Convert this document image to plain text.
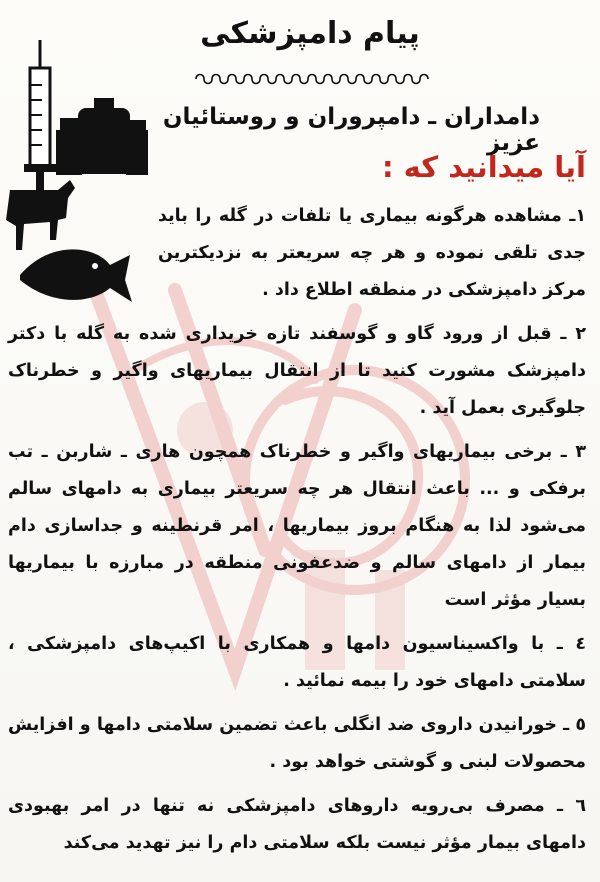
پیام دامپزشکی
دامداران ـ دامپروران و روستائیان عزیز
آیا میدانید که :

۱ـ مشاهده هرگونه بیماری یا تلفات در گله را باید جدی تلقی نموده و هر چه سریعتر به نزدیکترین مرکز دامپزشکی در منطقه اطلاع داد .

۲ ـ قبل از ورود گاو و گوسفند تازه خریداری شده به گله با دکتر دامپزشک مشورت کنید تا از انتقال بیماریهای واگیر و خطرناک جلوگیری بعمل آید .

۳ ـ برخی بیماریهای واگیر و خطرناک همچون هاری ـ شاربن ـ تب برفکی و ... باعث انتقال هر چه سریعتر بیماری به دامهای سالم می‌شود لذا به هنگام بروز بیماریها ، امر قرنطینه و جداسازی دام بیمار از دامهای سالم و ضدعفونی منطقه در مبارزه با بیماریها بسیار مؤثر است

٤ ـ با واکسیناسیون دامها و همکاری با اکیپ‌های دامپزشکی ، سلامتی دامهای خود را بیمه نمائید .

٥ ـ خورانیدن داروی ضد انگلی باعث تضمین سلامتی دامها و افزایش محصولات لبنی و گوشتی خواهد بود .

٦ ـ مصرف بی‌رویه داروهای دامپزشکی نه تنها در امر بهبودی دامهای بیمار مؤثر نیست بلکه سلامتی دام را نیز تهدید می‌کند
